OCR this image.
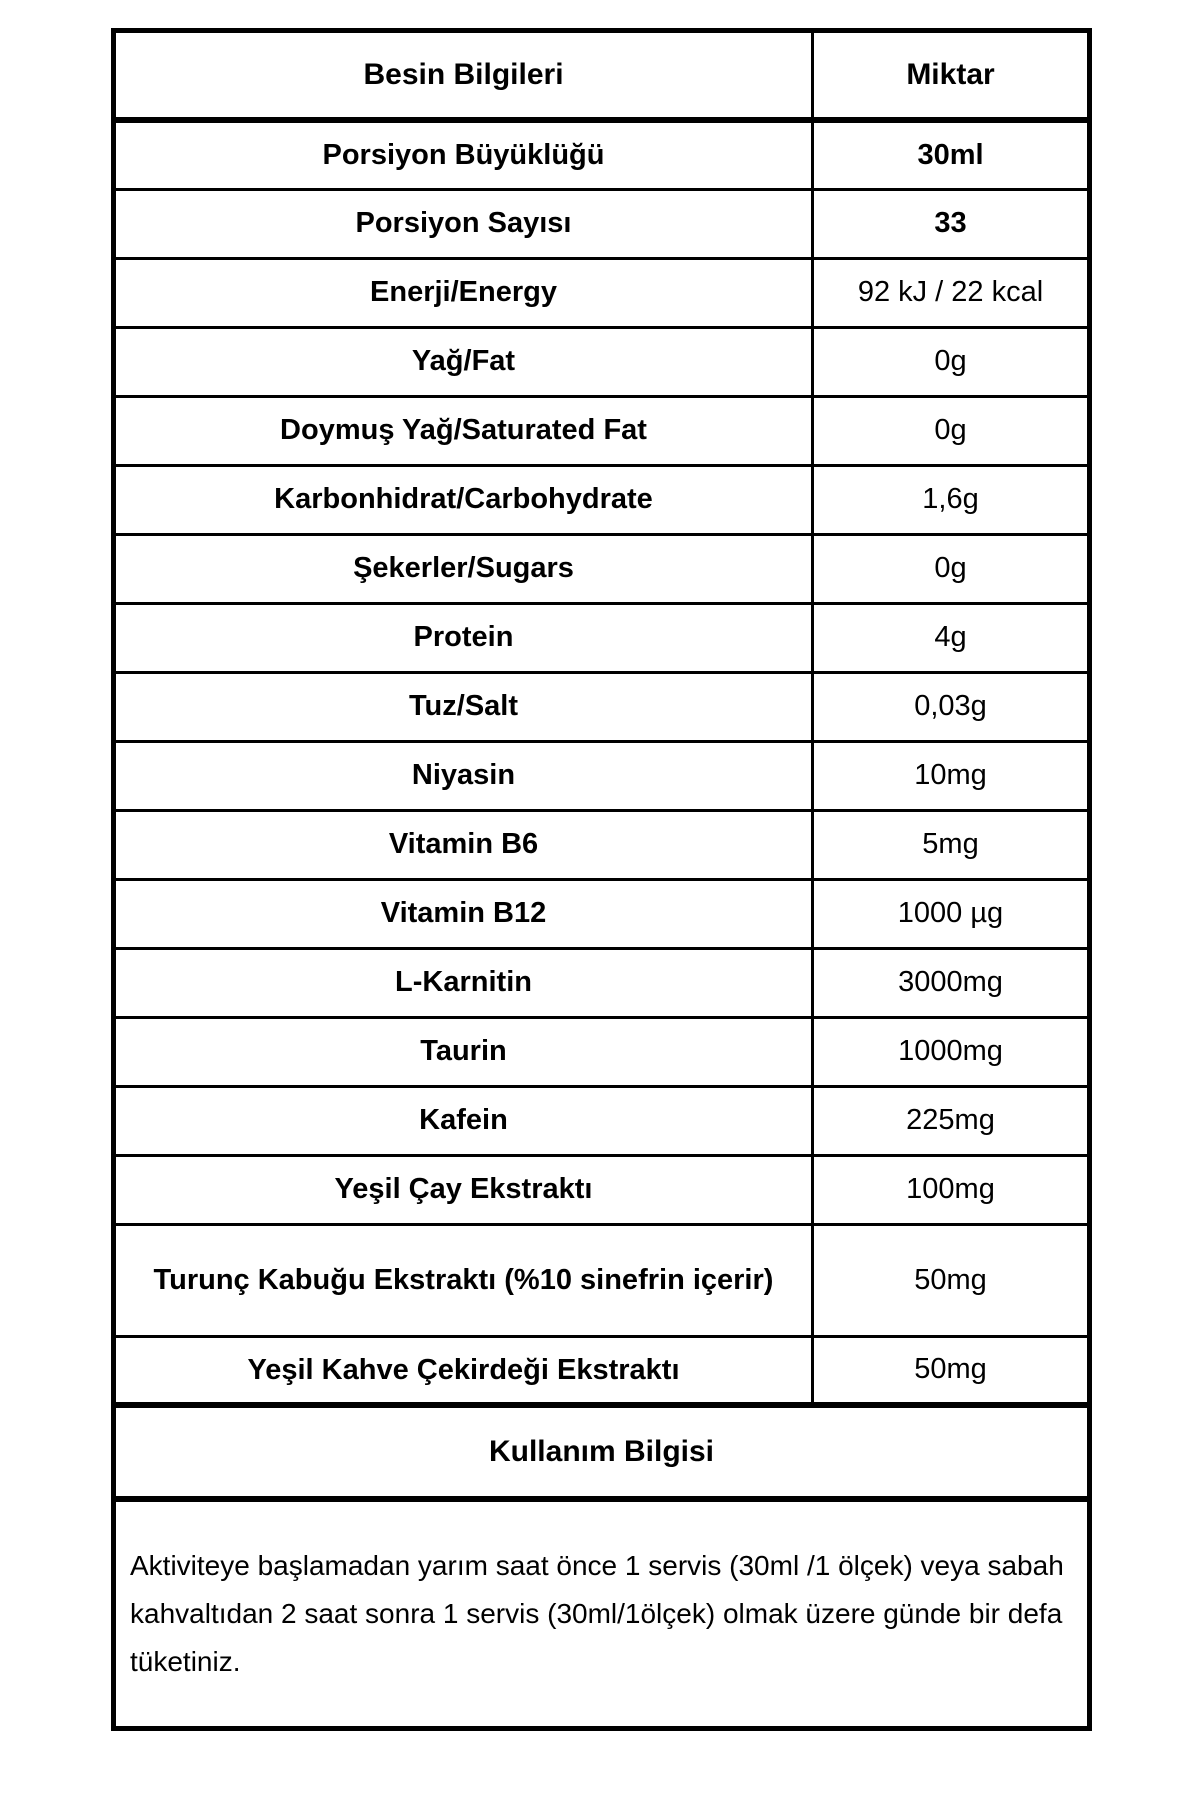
Besin Bilgileri	Miktar
Porsiyon Büyüklüğü	30ml
Porsiyon Sayısı	33
Enerji/Energy	92 kJ / 22 kcal
Yağ/Fat	0g
Doymuş Yağ/Saturated Fat	0g
Karbonhidrat/Carbohydrate	1,6g
Şekerler/Sugars	0g
Protein	4g
Tuz/Salt	0,03g
Niyasin	10mg
Vitamin B6	5mg
Vitamin B12	1000 µg
L-Karnitin	3000mg
Taurin	1000mg
Kafein	225mg
Yeşil Çay Ekstraktı	100mg
Turunç Kabuğu Ekstraktı (%10 sinefrin içerir)	50mg
Yeşil Kahve Çekirdeği Ekstraktı	50mg
Kullanım Bilgisi	
Aktiviteye başlamadan yarım saat önce 1 servis (30ml /1 ölçek) veya sabah kahvaltıdan 2 saat sonra 1 servis (30ml/1ölçek) olmak üzere günde bir defa tüketiniz.	
